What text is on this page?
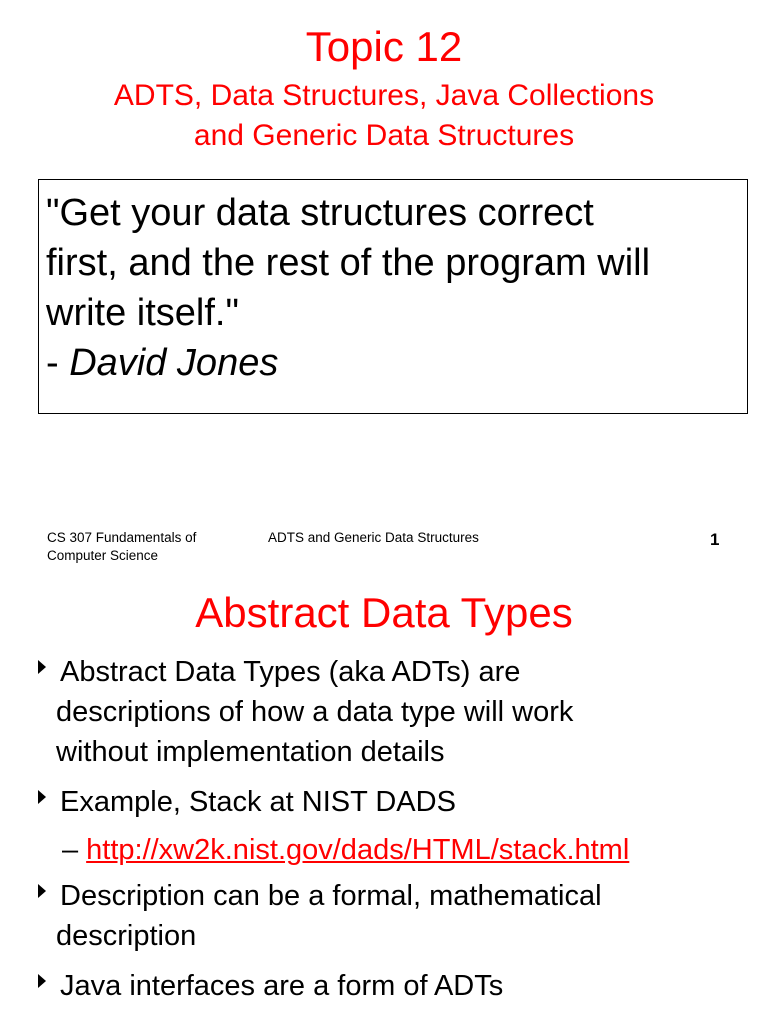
Topic 12
ADTS, Data Structures, Java Collections
and Generic Data Structures
"Get your data structures correct
first, and the rest of the program will
write itself."
- David Jones
CS 307 Fundamentals of
Computer Science
ADTS and Generic Data Structures	1
Abstract Data Types
Abstract Data Types (aka ADTs) are
descriptions of how a data type will work
without implementation details
Example, Stack at NIST DADS
– http://xw2k.nist.gov/dads/HTML/stack.html
Description can be a formal, mathematical
description
Java interfaces are a form of ADTs
